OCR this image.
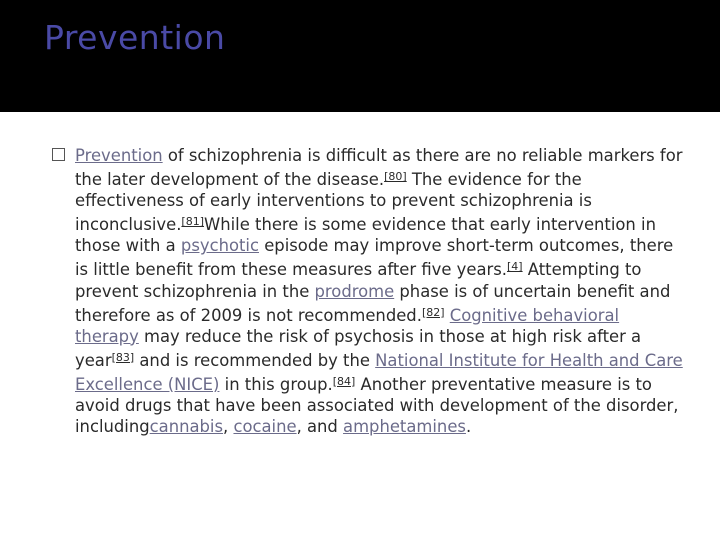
Prevention
Prevention of schizophrenia is difficult as there are no reliable markers for the later development of the disease.[80] The evidence for the effectiveness of early interventions to prevent schizophrenia is inconclusive.[81]While there is some evidence that early intervention in those with a psychotic episode may improve short-term outcomes, there is little benefit from these measures after five years.[4] Attempting to prevent schizophrenia in the prodrome phase is of uncertain benefit and therefore as of 2009 is not recommended.[82] Cognitive behavioral therapy may reduce the risk of psychosis in those at high risk after a year[83] and is recommended by the National Institute for Health and Care Excellence (NICE) in this group.[84] Another preventative measure is to avoid drugs that have been associated with development of the disorder, includingcannabis, cocaine, and amphetamines.
